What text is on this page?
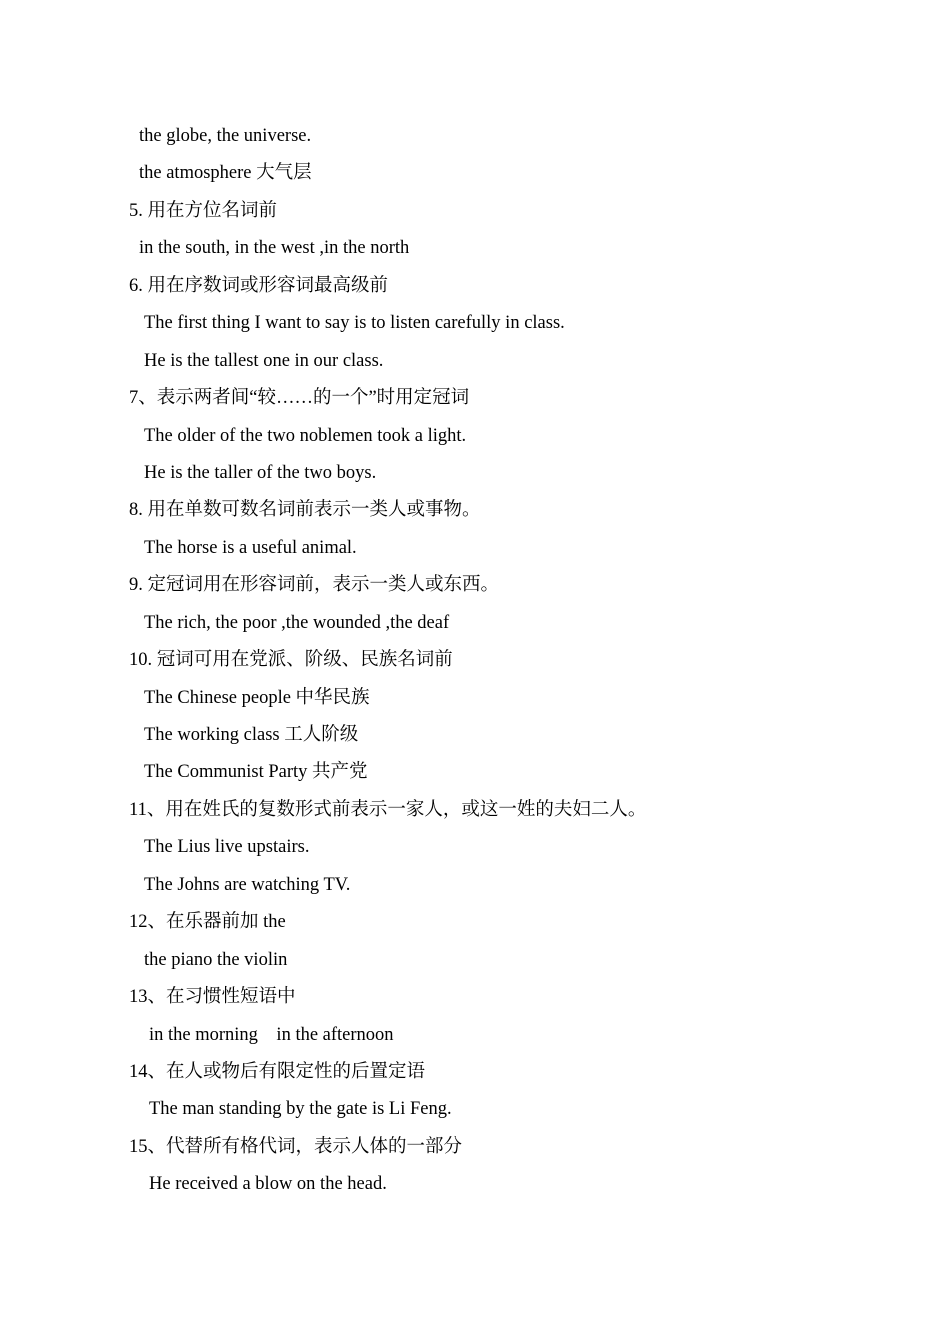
the globe, the universe.
the atmosphere 大气层
5. 用在方位名词前
in the south, in the west ,in the north
6. 用在序数词或形容词最高级前
The first thing I want to say is to listen carefully in class.
He is the tallest one in our class.
7、表示两者间“较……的一个”时用定冠词
The older of the two noblemen took a light.
He is the taller of the two boys.
8. 用在单数可数名词前表示一类人或事物。
The horse is a useful animal.
9. 定冠词用在形容词前，表示一类人或东西。
The rich, the poor ,the wounded ,the deaf
10. 冠词可用在党派、阶级、民族名词前
The Chinese people 中华民族
The working class 工人阶级
The Communist Party 共产党
11、用在姓氏的复数形式前表示一家人，或这一姓的夫妇二人。
The Lius live upstairs.
The Johns are watching TV.
12、在乐器前加 the
the piano the violin
13、在习惯性短语中
in the morning    in the afternoon
14、在人或物后有限定性的后置定语
The man standing by the gate is Li Feng.
15、代替所有格代词，表示人体的一部分
He received a blow on the head.
